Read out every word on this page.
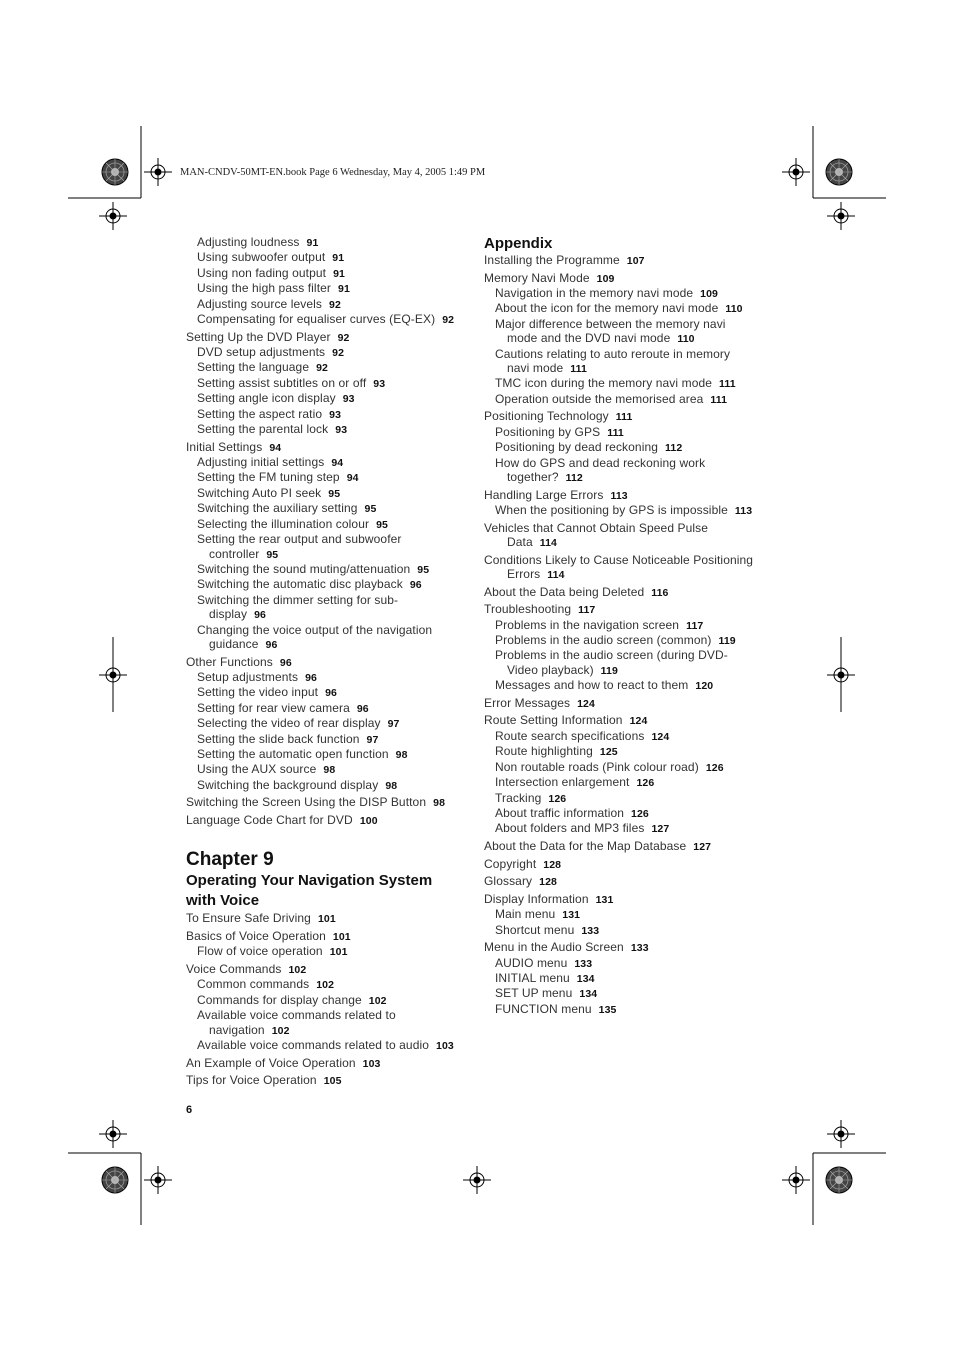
MAN-CNDV-50MT-EN.book Page 6 Wednesday, May 4, 2005 1:49 PM
Adjusting loudness 91
Using subwoofer output 91
Using non fading output 91
Using the high pass filter 91
Adjusting source levels 92
Compensating for equaliser curves (EQ-EX) 92
Setting Up the DVD Player 92
DVD setup adjustments 92
Setting the language 92
Setting assist subtitles on or off 93
Setting angle icon display 93
Setting the aspect ratio 93
Setting the parental lock 93
Initial Settings 94
Adjusting initial settings 94
Setting the FM tuning step 94
Switching Auto PI seek 95
Switching the auxiliary setting 95
Selecting the illumination colour 95
Setting the rear output and subwoofer
controller 95
Switching the sound muting/attenuation 95
Switching the automatic disc playback 96
Switching the dimmer setting for sub-
display 96
Changing the voice output of the navigation
guidance 96
Other Functions 96
Setup adjustments 96
Setting the video input 96
Setting for rear view camera 96
Selecting the video of rear display 97
Setting the slide back function 97
Setting the automatic open function 98
Using the AUX source 98
Switching the background display 98
Switching the Screen Using the DISP Button 98
Language Code Chart for DVD 100
Chapter 9
Operating Your Navigation System
with Voice
To Ensure Safe Driving 101
Basics of Voice Operation 101
Flow of voice operation 101
Voice Commands 102
Common commands 102
Commands for display change 102
Available voice commands related to
navigation 102
Available voice commands related to audio 103
An Example of Voice Operation 103
Tips for Voice Operation 105
Appendix
Installing the Programme 107
Memory Navi Mode 109
Navigation in the memory navi mode 109
About the icon for the memory navi mode 110
Major difference between the memory navi
mode and the DVD navi mode 110
Cautions relating to auto reroute in memory
navi mode 111
TMC icon during the memory navi mode 111
Operation outside the memorised area 111
Positioning Technology 111
Positioning by GPS 111
Positioning by dead reckoning 112
How do GPS and dead reckoning work
together? 112
Handling Large Errors 113
When the positioning by GPS is impossible 113
Vehicles that Cannot Obtain Speed Pulse
Data 114
Conditions Likely to Cause Noticeable Positioning
Errors 114
About the Data being Deleted 116
Troubleshooting 117
Problems in the navigation screen 117
Problems in the audio screen (common) 119
Problems in the audio screen (during DVD-
Video playback) 119
Messages and how to react to them 120
Error Messages 124
Route Setting Information 124
Route search specifications 124
Route highlighting 125
Non routable roads (Pink colour road) 126
Intersection enlargement 126
Tracking 126
About traffic information 126
About folders and MP3 files 127
About the Data for the Map Database 127
Copyright 128
Glossary 128
Display Information 131
Main menu 131
Shortcut menu 133
Menu in the Audio Screen 133
AUDIO menu 133
INITIAL menu 134
SET UP menu 134
FUNCTION menu 135
6
